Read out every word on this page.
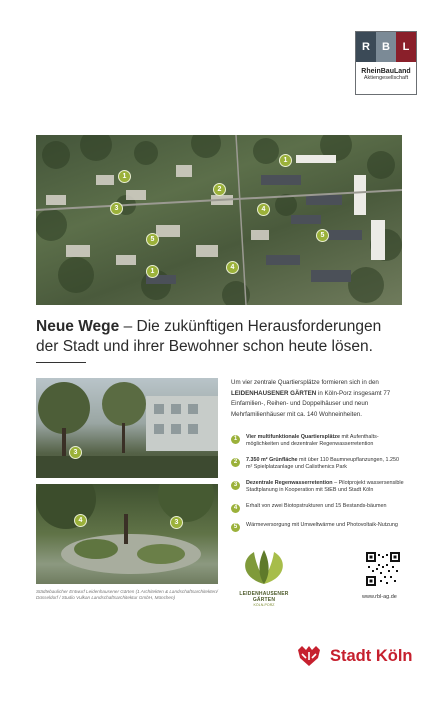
R	B	L
RheinBauLand
Aktiengesellschaft
1
1
2
3	4
5
5
4
1
Neue Wege – Die zukünftigen Herausforderungen der Stadt und ihrer Bewohner schon heute lösen.
3
4	3
Städtebaulicher Entwurf Leidenhausener Gärten (1 Architekten & Landschaftsarchitekten/ Düsseldorf / Studio Vulkan Landschaftsarchitektur GmbH, München)
Um vier zentrale Quartiersplätze formieren sich in den LEIDENHAUSENER GÄRTEN in Köln-Porz insgesamt 77 Einfamilien-, Reihen- und Doppelhäuser und neun Mehrfamilienhäuser mit ca. 140 Wohneinheiten.
1	Vier multifunktionale Quartiersplätze mit Aufenthalts-möglichkeiten und dezentraler Regenwasserretention
2	7.350 m² Grünfläche mit über 110 Baumneupflanzungen, 1.250 m² Spielplatzanlage und Calisthenics Park
3	Dezentrale Regenwasserretention – Pilotprojekt wassersensible Stadtplanung in Kooperation mit StEB und Stadt Köln
4	Erhalt von zwei Biotopstrukturen und 15 Bestands-bäumen
5	Wärmeversorgung mit Umweltwärme und Photovoltaik-Nutzung
LEIDENHAUSENER GÄRTEN
KÖLN-PORZ
www.rbl-ag.de
Stadt Köln
